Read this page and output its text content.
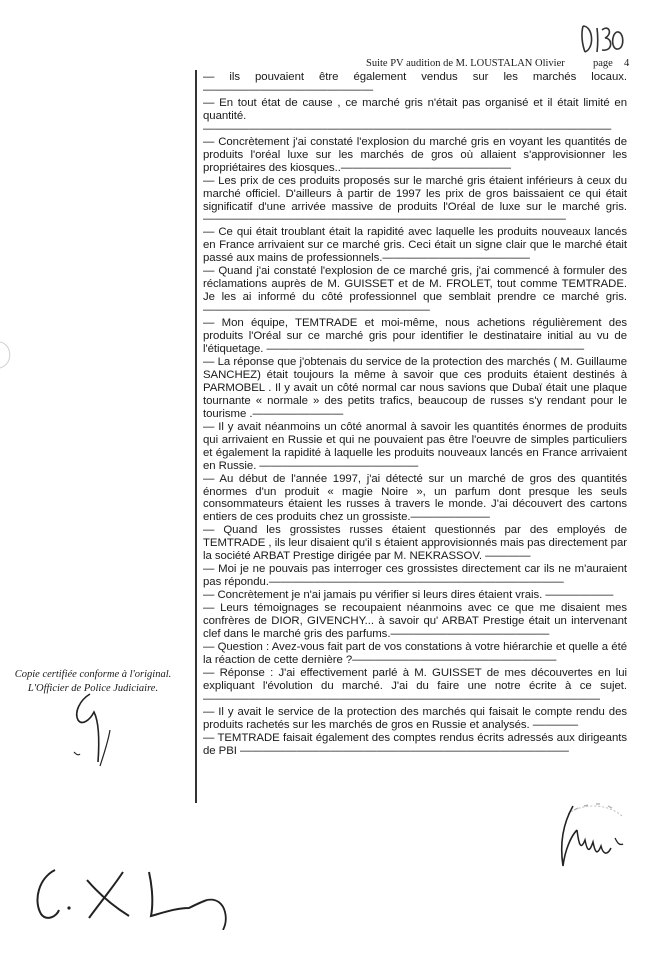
Suite PV audition de M. LOUSTALAN Olivier	page 4

— ils pouvaient être également vendus sur les marchés locaux. ———————————————

— En tout état de cause , ce marché gris n'était pas organisé et il était limité en quantité.————————————————————————————————————

— Concrètement j'ai constaté l'explosion du marché gris en voyant les quantités de produits l'oréal luxe sur les marchés de gros où allaient s'approvisionner les propriétaires des kiosques..———————————————

— Les prix de ces produits proposés sur le marché gris étaient inférieurs à ceux du marché officiel. D'ailleurs à partir de 1997 les prix de gros baissaient ce qui était significatif d'une arrivée massive de produits l'Oréal de luxe sur le marché gris.————————————————————————————————

— Ce qui était troublant était la rapidité avec laquelle les produits nouveaux lancés en France arrivaient sur ce marché gris. Ceci était un signe clair que le marché était passé aux mains de professionnels.—————————————

— Quand j'ai constaté l'explosion de ce marché gris, j'ai commencé à formuler des réclamations auprès de M. GUISSET et de M. FROLET, tout comme TEMTRADE. Je les ai informé du côté professionnel que semblait prendre ce marché gris. ————————————————————

— Mon équipe, TEMTRADE et moi-même, nous achetions régulièrement des produits l'Oréal sur ce marché gris pour identifier le destinataire initial au vu de l'étiquetage. ————————————————————————————

— La réponse que j'obtenais du service de la protection des marchés ( M. Guillaume SANCHEZ) était toujours la même à savoir que ces produits étaient destinés à PARMOBEL . Il y avait un côté normal car nous savions que Dubaï était une plaque tournante « normale » des petits trafics, beaucoup de russes s'y rendant pour le tourisme .————————

— Il y avait néanmoins un côté anormal à savoir les quantités énormes de produits qui arrivaient en Russie et qui ne pouvaient pas être l'oeuvre de simples particuliers et également la rapidité à laquelle les produits nouveaux lancés en France arrivaient en Russie. ——————————————

— Au début de l'année 1997, j'ai détecté sur un marché de gros des quantités énormes d'un produit « magie Noire », un parfum dont presque les seuls consommateurs étaient les russes à travers le monde. J'ai découvert des cartons entiers de ces produits chez un grossiste.———————

— Quand les grossistes russes étaient questionnés par des employés de TEMTRADE , ils leur disaient qu'il s étaient approvisionnés mais pas directement par la société ARBAT Prestige dirigée par M. NEKRASSOV. ————

— Moi je ne pouvais pas interroger ces grossistes directement car ils ne m'auraient pas répondu.——————————————————————————

— Concrètement je n'ai jamais pu vérifier si leurs dires étaient vrais. ——————

— Leurs témoignages se recoupaient néanmoins avec ce que me disaient mes confrères de DIOR, GIVENCHY... à savoir qu' ARBAT Prestige était un intervenant clef dans le marché gris des parfums.——————————————

— Question : Avez-vous fait part de vos constations à votre hiérarchie et quelle a été la réaction de cette dernière ?——————————————————

— Réponse : J'ai effectivement parlé à M. GUISSET de mes découvertes en lui expliquant l'évolution du marché. J'ai du faire une notre écrite à ce sujet.———————————————————————————————————

— Il y avait le service de la protection des marchés qui faisait le compte rendu des produits rachetés sur les marchés de gros en Russie et analysés. ————

— TEMTRADE faisait également des comptes rendus écrits adressés aux dirigeants de PBI —————————————————————————————

Copie certifiée conforme à l'original.
L'Officier de Police Judiciaire.
